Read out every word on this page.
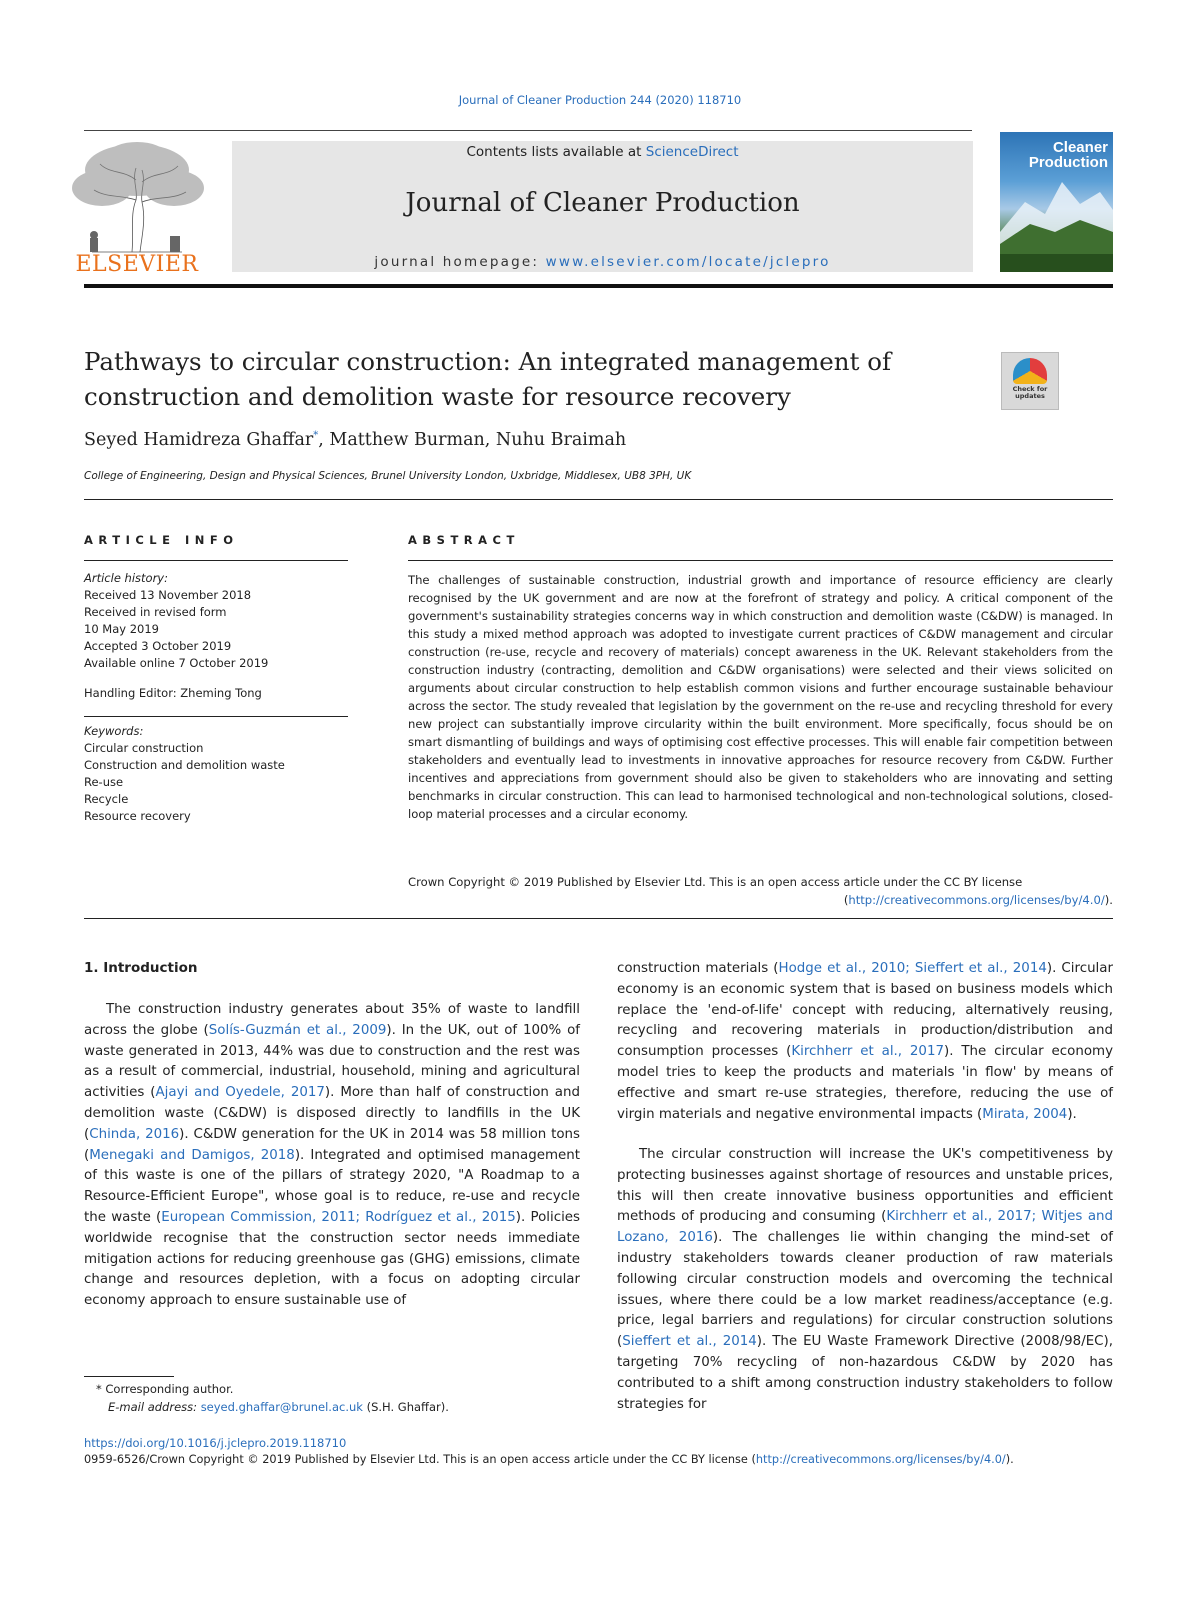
Journal of Cleaner Production 244 (2020) 118710
ELSEVIER
Contents lists available at ScienceDirect
Journal of Cleaner Production
journal homepage: www.elsevier.com/locate/jclepro
Cleaner
Production
Pathways to circular construction: An integrated management of construction and demolition waste for resource recovery	Check for
updates
Seyed Hamidreza Ghaffar*, Matthew Burman, Nuhu Braimah
College of Engineering, Design and Physical Sciences, Brunel University London, Uxbridge, Middlesex, UB8 3PH, UK
ARTICLE INFO	ABSTRACT
Article history:
Received 13 November 2018
Received in revised form
10 May 2019
Accepted 3 October 2019
Available online 7 October 2019
Handling Editor: Zheming Tong
Keywords:
Circular construction
Construction and demolition waste
Re-use
Recycle
Resource recovery

The challenges of sustainable construction, industrial growth and importance of resource efficiency are clearly recognised by the UK government and are now at the forefront of strategy and policy. A critical component of the government's sustainability strategies concerns way in which construction and demolition waste (C&DW) is managed. In this study a mixed method approach was adopted to investigate current practices of C&DW management and circular construction (re-use, recycle and recovery of materials) concept awareness in the UK. Relevant stakeholders from the construction industry (contracting, demolition and C&DW organisations) were selected and their views solicited on arguments about circular construction to help establish common visions and further encourage sustainable behaviour across the sector. The study revealed that legislation by the government on the re-use and recycling threshold for every new project can substantially improve circularity within the built environment. More specifically, focus should be on smart dismantling of buildings and ways of optimising cost effective processes. This will enable fair competition between stakeholders and eventually lead to investments in innovative approaches for resource recovery from C&DW. Further incentives and appreciations from government should also be given to stakeholders who are innovating and setting benchmarks in circular construction. This can lead to harmonised technological and non-technological solutions, closed-loop material processes and a circular economy.

Crown Copyright © 2019 Published by Elsevier Ltd. This is an open access article under the CC BY license
(http://creativecommons.org/licenses/by/4.0/).
1. Introduction

The construction industry generates about 35% of waste to landfill across the globe (Solís-Guzmán et al., 2009). In the UK, out of 100% of waste generated in 2013, 44% was due to construction and the rest was as a result of commercial, industrial, household, mining and agricultural activities (Ajayi and Oyedele, 2017). More than half of construction and demolition waste (C&DW) is disposed directly to landfills in the UK (Chinda, 2016). C&DW generation for the UK in 2014 was 58 million tons (Menegaki and Damigos, 2018). Integrated and optimised management of this waste is one of the pillars of strategy 2020, "A Roadmap to a Resource-Efficient Europe", whose goal is to reduce, re-use and recycle the waste (European Commission, 2011; Rodríguez et al., 2015). Policies worldwide recognise that the construction sector needs immediate mitigation actions for reducing greenhouse gas (GHG) emissions, climate change and resources depletion, with a focus on adopting circular economy approach to ensure sustainable use of

construction materials (Hodge et al., 2010; Sieffert et al., 2014). Circular economy is an economic system that is based on business models which replace the 'end-of-life' concept with reducing, alternatively reusing, recycling and recovering materials in production/distribution and consumption processes (Kirchherr et al., 2017). The circular economy model tries to keep the products and materials 'in flow' by means of effective and smart re-use strategies, therefore, reducing the use of virgin materials and negative environmental impacts (Mirata, 2004).

The circular construction will increase the UK's competitiveness by protecting businesses against shortage of resources and unstable prices, this will then create innovative business opportunities and efficient methods of producing and consuming (Kirchherr et al., 2017; Witjes and Lozano, 2016). The challenges lie within changing the mind-set of industry stakeholders towards cleaner production of raw materials following circular construction models and overcoming the technical issues, where there could be a low market readiness/acceptance (e.g. price, legal barriers and regulations) for circular construction solutions (Sieffert et al., 2014). The EU Waste Framework Directive (2008/98/EC), targeting 70% recycling of non-hazardous C&DW by 2020 has contributed to a shift among construction industry stakeholders to follow strategies for

* Corresponding author.
E-mail address: seyed.ghaffar@brunel.ac.uk (S.H. Ghaffar).
https://doi.org/10.1016/j.jclepro.2019.118710
0959-6526/Crown Copyright © 2019 Published by Elsevier Ltd. This is an open access article under the CC BY license (http://creativecommons.org/licenses/by/4.0/).
